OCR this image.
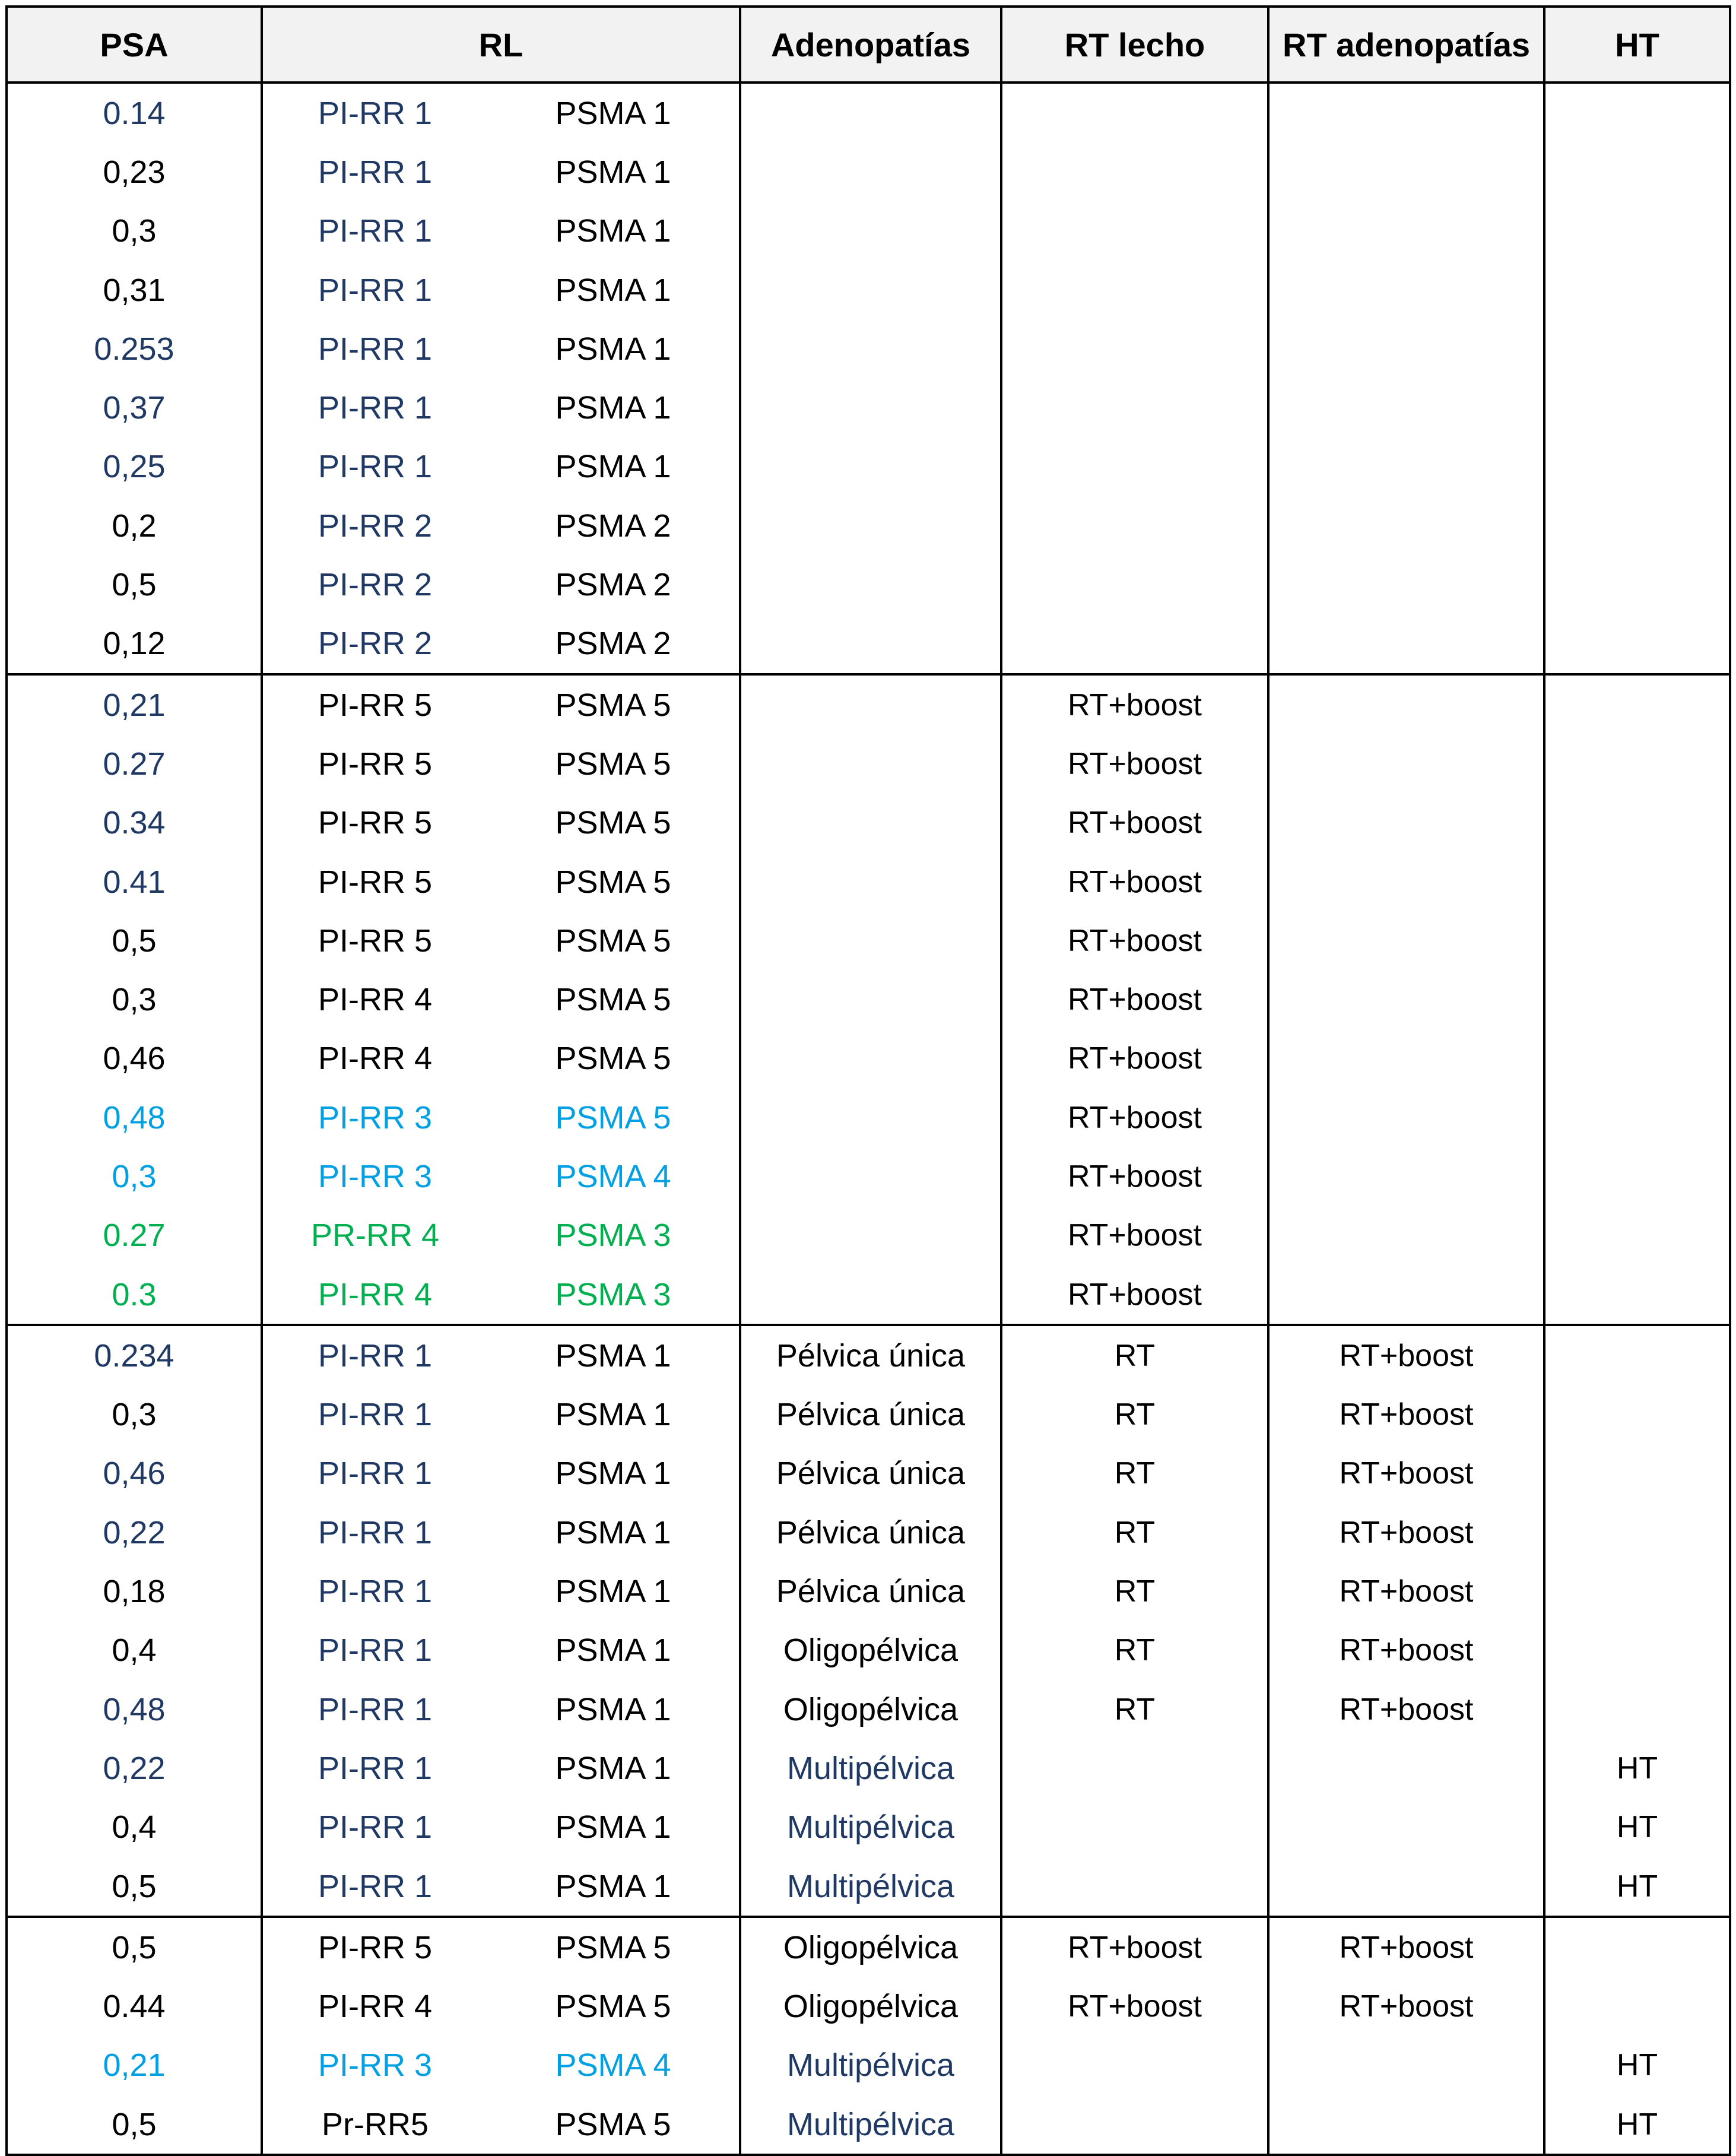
PSA	RL		Adenopatías	RT lecho	RT adenopatías	HT
0.14	PI-RR 1	PSMA 1				
0,23	PI-RR 1	PSMA 1				
0,3	PI-RR 1	PSMA 1				
0,31	PI-RR 1	PSMA 1				
0.253	PI-RR 1	PSMA 1				
0,37	PI-RR 1	PSMA 1				
0,25	PI-RR 1	PSMA 1				
0,2	PI-RR 2	PSMA 2				
0,5	PI-RR 2	PSMA 2				
0,12	PI-RR 2	PSMA 2				
0,21	PI-RR 5	PSMA 5		RT+boost		
0.27	PI-RR 5	PSMA 5		RT+boost		
0.34	PI-RR 5	PSMA 5		RT+boost		
0.41	PI-RR 5	PSMA 5		RT+boost		
0,5	PI-RR 5	PSMA 5		RT+boost		
0,3	PI-RR 4	PSMA 5		RT+boost		
0,46	PI-RR 4	PSMA 5		RT+boost		
0,48	PI-RR 3	PSMA 5		RT+boost		
0,3	PI-RR 3	PSMA 4		RT+boost		
0.27	PR-RR 4	PSMA 3		RT+boost		
0.3	PI-RR 4	PSMA 3		RT+boost		
0.234	PI-RR 1	PSMA 1	Pélvica única	RT	RT+boost	
0,3	PI-RR 1	PSMA 1	Pélvica única	RT	RT+boost	
0,46	PI-RR 1	PSMA 1	Pélvica única	RT	RT+boost	
0,22	PI-RR 1	PSMA 1	Pélvica única	RT	RT+boost	
0,18	PI-RR 1	PSMA 1	Pélvica única	RT	RT+boost	
0,4	PI-RR 1	PSMA 1	Oligopélvica	RT	RT+boost	
0,48	PI-RR 1	PSMA 1	Oligopélvica	RT	RT+boost	
0,22	PI-RR 1	PSMA 1	Multipélvica			HT
0,4	PI-RR 1	PSMA 1	Multipélvica			HT
0,5	PI-RR 1	PSMA 1	Multipélvica			HT
0,5	PI-RR 5	PSMA 5	Oligopélvica	RT+boost	RT+boost	
0.44	PI-RR 4	PSMA 5	Oligopélvica	RT+boost	RT+boost	
0,21	PI-RR 3	PSMA 4	Multipélvica			HT
0,5	Pr-RR5	PSMA 5	Multipélvica			HT
